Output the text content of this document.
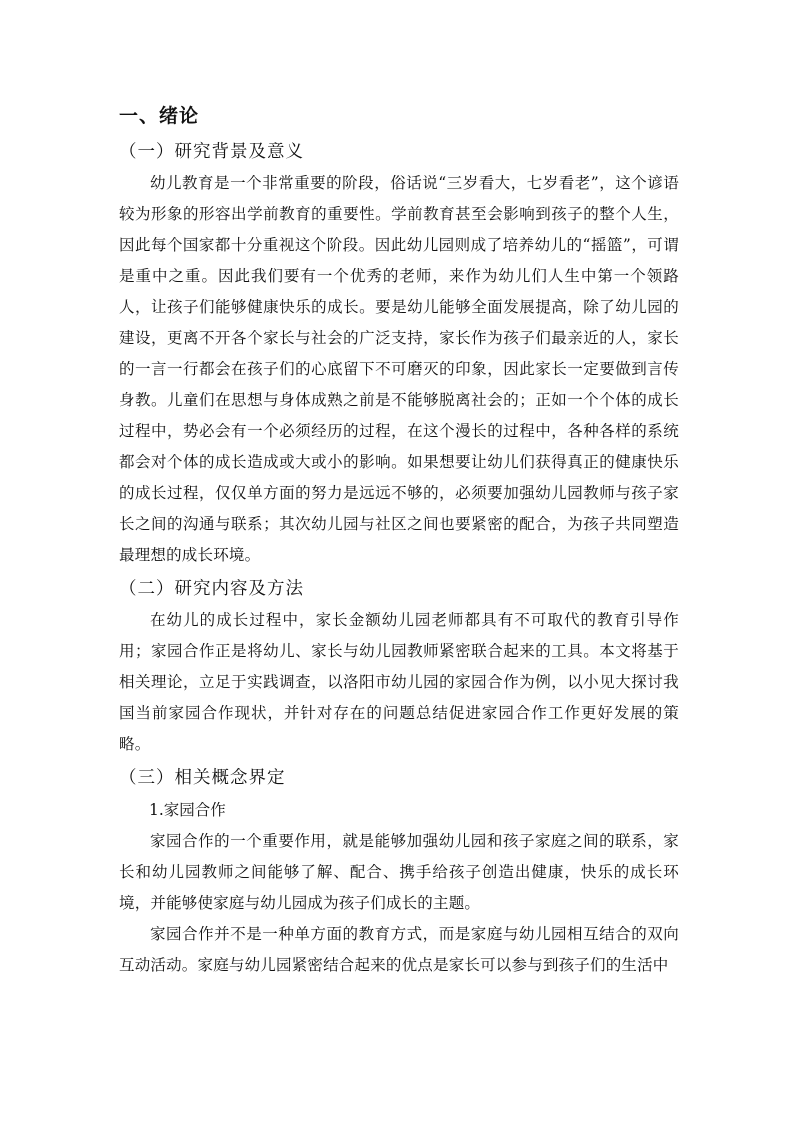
一、绪论
（一）研究背景及意义

幼儿教育是一个非常重要的阶段，俗话说“三岁看大，七岁看老”，这个谚语较为形象的形容出学前教育的重要性。学前教育甚至会影响到孩子的整个人生，因此每个国家都十分重视这个阶段。因此幼儿园则成了培养幼儿的“摇篮”，可谓是重中之重。因此我们要有一个优秀的老师，来作为幼儿们人生中第一个领路人，让孩子们能够健康快乐的成长。要是幼儿能够全面发展提高，除了幼儿园的建设，更离不开各个家长与社会的广泛支持，家长作为孩子们最亲近的人，家长的一言一行都会在孩子们的心底留下不可磨灭的印象，因此家长一定要做到言传身教。儿童们在思想与身体成熟之前是不能够脱离社会的；正如一个个体的成长过程中，势必会有一个必须经历的过程，在这个漫长的过程中，各种各样的系统都会对个体的成长造成或大或小的影响。如果想要让幼儿们获得真正的健康快乐的成长过程，仅仅单方面的努力是远远不够的，必须要加强幼儿园教师与孩子家长之间的沟通与联系；其次幼儿园与社区之间也要紧密的配合，为孩子共同塑造最理想的成长环境。

（二）研究内容及方法

在幼儿的成长过程中，家长金额幼儿园老师都具有不可取代的教育引导作用；家园合作正是将幼儿、家长与幼儿园教师紧密联合起来的工具。本文将基于相关理论，立足于实践调查，以洛阳市幼儿园的家园合作为例，以小见大探讨我国当前家园合作现状，并针对存在的问题总结促进家园合作工作更好发展的策略。

（三）相关概念界定
1.家园合作

家园合作的一个重要作用，就是能够加强幼儿园和孩子家庭之间的联系，家长和幼儿园教师之间能够了解、配合、携手给孩子创造出健康，快乐的成长环境，并能够使家庭与幼儿园成为孩子们成长的主题。

家园合作并不是一种单方面的教育方式，而是家庭与幼儿园相互结合的双向互动活动。家庭与幼儿园紧密结合起来的优点是家长可以参与到孩子们的生活中
